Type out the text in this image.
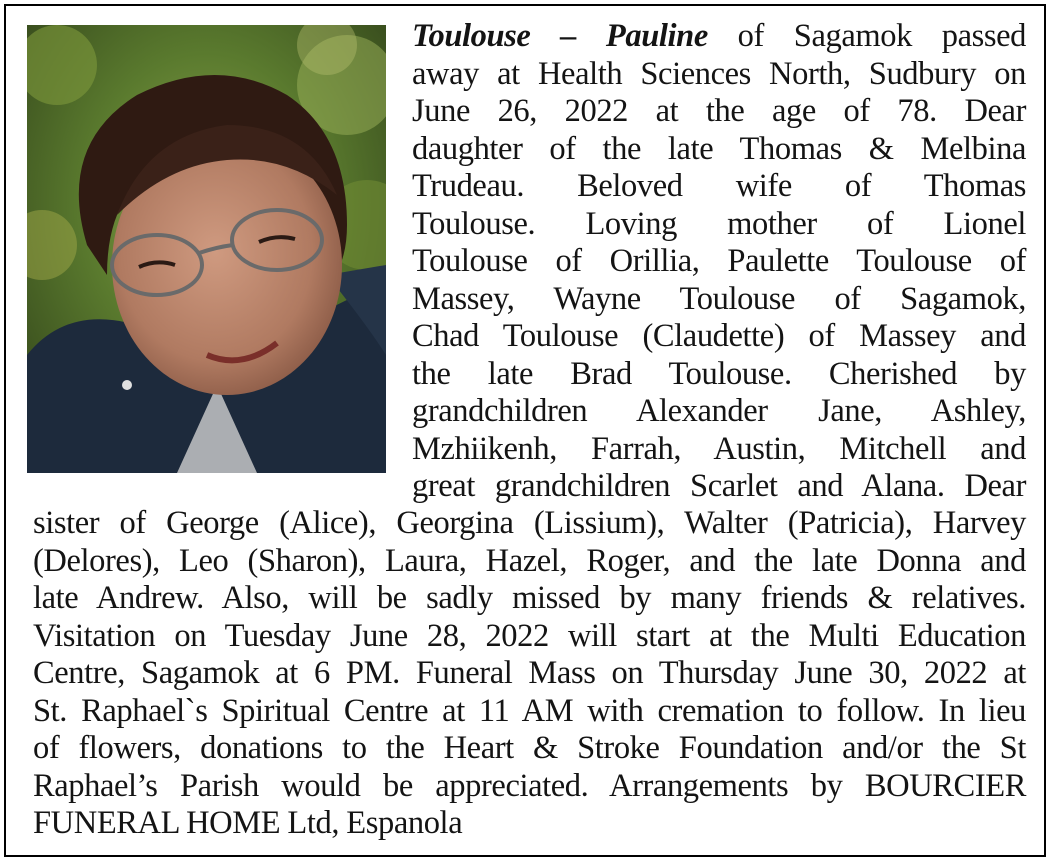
Toulouse – Pauline of Sagamok passed
away at Health Sciences North, Sudbury on
June 26, 2022 at the age of 78. Dear
daughter of the late Thomas & Melbina
Trudeau. Beloved wife of Thomas
Toulouse. Loving mother of Lionel
Toulouse of Orillia, Paulette Toulouse of
Massey, Wayne Toulouse of Sagamok,
Chad Toulouse (Claudette) of Massey and
the late Brad Toulouse. Cherished by
grandchildren Alexander Jane, Ashley,
Mzhiikenh, Farrah, Austin, Mitchell and
great grandchildren Scarlet and Alana. Dear
sister of George (Alice), Georgina (Lissium), Walter (Patricia), Harvey
(Delores), Leo (Sharon), Laura, Hazel, Roger, and the late Donna and
late Andrew. Also, will be sadly missed by many friends & relatives.
Visitation on Tuesday June 28, 2022 will start at the Multi Education
Centre, Sagamok at 6 PM. Funeral Mass on Thursday June 30, 2022 at
St. Raphael`s Spiritual Centre at 11 AM with cremation to follow. In lieu
of flowers, donations to the Heart & Stroke Foundation and/or the St
Raphael’s Parish would be appreciated. Arrangements by BOURCIER
FUNERAL HOME Ltd, Espanola
